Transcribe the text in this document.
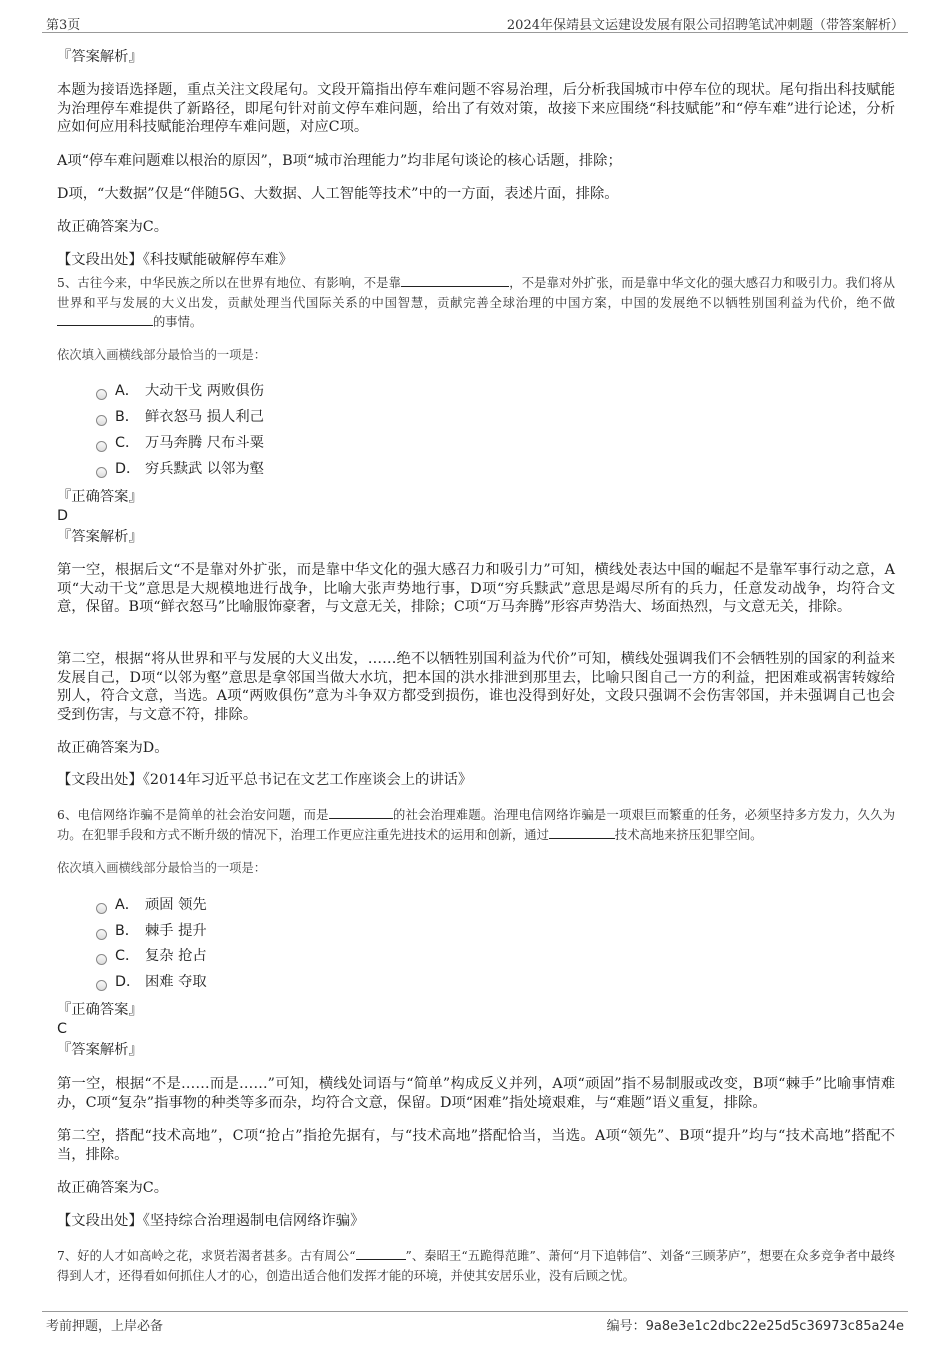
第3页	2024年保靖县文运建设发展有限公司招聘笔试冲刺题（带答案解析）
『答案解析』
本题为接语选择题，重点关注文段尾句。文段开篇指出停车难问题不容易治理，后分析我国城市中停车位的现状。尾句指出科技赋能为治理停车难提供了新路径，即尾句针对前文停车难问题，给出了有效对策，故接下来应围绕“科技赋能”和“停车难”进行论述，分析应如何应用科技赋能治理停车难问题，对应C项。
A项“停车难问题难以根治的原因”，B项“城市治理能力”均非尾句谈论的核心话题，排除；
D项，“大数据”仅是“伴随5G、大数据、人工智能等技术”中的一方面，表述片面，排除。
故正确答案为C。
【文段出处】《科技赋能破解停车难》
5、古往今来，中华民族之所以在世界有地位、有影响，不是靠	，不是靠对外扩张，而是靠中华文化的强大感召力和吸引力。我们将从世界和平与发展的大义出发，贡献处理当代国际关系的中国智慧，贡献完善全球治理的中国方案，中国的发展绝不以牺牲别国利益为代价，绝不做的事情。
依次填入画横线部分最恰当的一项是：
A． 大动干戈 两败俱伤
B． 鲜衣怒马 损人利己
C． 万马奔腾 尺布斗粟
D． 穷兵黩武 以邻为壑
『正确答案』
D
『答案解析』
第一空，根据后文“不是靠对外扩张，而是靠中华文化的强大感召力和吸引力”可知，横线处表达中国的崛起不是靠军事行动之意，A项“大动干戈”意思是大规模地进行战争，比喻大张声势地行事，D项“穷兵黩武”意思是竭尽所有的兵力，任意发动战争，均符合文意，保留。B项“鲜衣怒马”比喻服饰豪奢，与文意无关，排除；C项“万马奔腾”形容声势浩大、场面热烈，与文意无关，排除。
第二空，根据“将从世界和平与发展的大义出发，……绝不以牺牲别国利益为代价”可知，横线处强调我们不会牺牲别的国家的利益来发展自己，D项“以邻为壑”意思是拿邻国当做大水坑，把本国的洪水排泄到那里去，比喻只图自己一方的利益，把困难或祸害转嫁给别人，符合文意，当选。A项“两败俱伤”意为斗争双方都受到损伤，谁也没得到好处，文段只强调不会伤害邻国，并未强调自己也会受到伤害，与文意不符，排除。
故正确答案为D。
【文段出处】《2014年习近平总书记在文艺工作座谈会上的讲话》
6、电信网络诈骗不是简单的社会治安问题，而是	的社会治理难题。治理电信网络诈骗是一项艰巨而繁重的任务，必须坚持多方发力，久久为功。在犯罪手段和方式不断升级的情况下，治理工作更应注重先进技术的运用和创新，通过	技术高地来挤压犯罪空间。
依次填入画横线部分最恰当的一项是：
A． 顽固 领先
B． 棘手 提升
C． 复杂 抢占
D． 困难 夺取
『正确答案』
C
『答案解析』
第一空，根据“不是……而是……”可知，横线处词语与“简单”构成反义并列，A项“顽固”指不易制服或改变，B项“棘手”比喻事情难办，C项“复杂”指事物的种类等多而杂，均符合文意，保留。D项“困难”指处境艰难，与“难题”语义重复，排除。
第二空，搭配“技术高地”，C项“抢占”指抢先据有，与“技术高地”搭配恰当，当选。A项“领先”、B项“提升”均与“技术高地”搭配不当，排除。
故正确答案为C。
【文段出处】《坚持综合治理遏制电信网络诈骗》
7、好的人才如高岭之花，求贤若渴者甚多。古有周公“	”、秦昭王“五跪得范雎”、萧何“月下追韩信”、刘备“三顾茅庐”，想要在众多竞争者中最终得到人才，还得看如何抓住人才的心，创造出适合他们发挥才能的环境，并使其安居乐业，没有后顾之忧。
考前押题，上岸必备	编号：9a8e3e1c2dbc22e25d5c36973c85a24e
